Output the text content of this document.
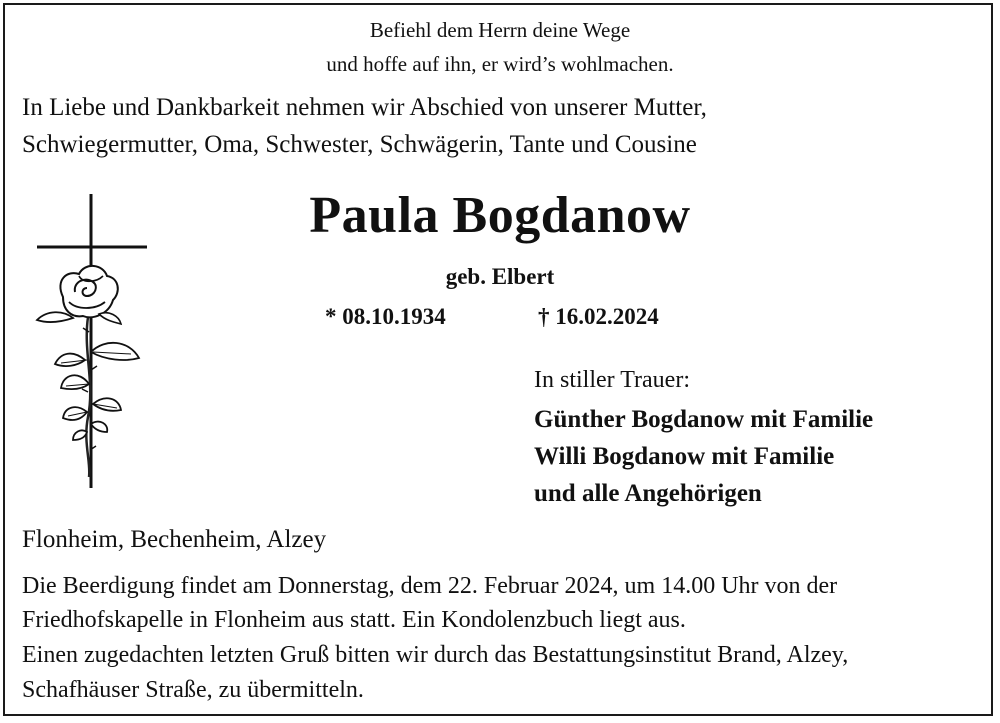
Befiehl dem Herrn deine Wege
und hoffe auf ihn, er wird’s wohlmachen.
In Liebe und Dankbarkeit nehmen wir Abschied von unserer Mutter,
Schwiegermutter, Oma, Schwester, Schwägerin, Tante und Cousine
Paula Bogdanow
geb. Elbert
* 08.10.1934	† 16.02.2024
In stiller Trauer:
Günther Bogdanow mit Familie
Willi Bogdanow mit Familie
und alle Angehörigen
Flonheim, Bechenheim, Alzey
Die Beerdigung findet am Donnerstag, dem 22. Februar 2024, um 14.00 Uhr von der
Friedhofskapelle in Flonheim aus statt. Ein Kondolenzbuch liegt aus.
Einen zugedachten letzten Gruß bitten wir durch das Bestattungsinstitut Brand, Alzey,
Schafhäuser Straße, zu übermitteln.
